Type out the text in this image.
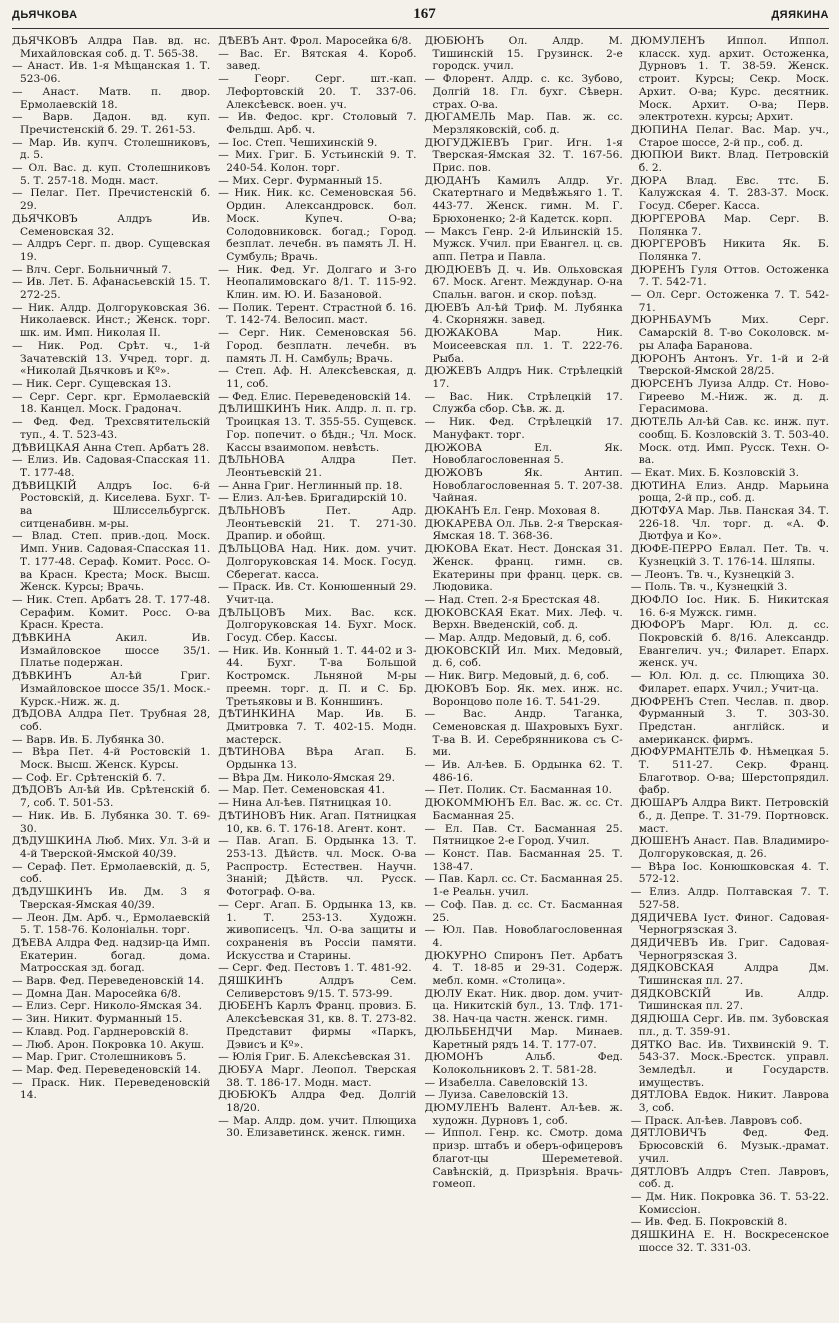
ДЬЯЧКОВА	167	ДЯЯКИНА

ДЬЯЧКОВЪ Алдра Пав. вд. нс. Михайловская соб. д. Т. 565-38.

— Анаст. Ив. 1-я Мѣщанская 1. Т. 523-06.

— Анаст. Матв. п. двор. Ермолаевскій 18.

— Варв. Дадон. вд. куп. Пречистенскій б. 29. Т. 261-53.

— Мар. Ив. купч. Столешниковъ, д. 5.

— Ол. Вас. д. куп. Столешниковъ 5. Т. 257-18. Модн. маст.

— Пелаг. Пет. Пречистенскій б. 29.

ДЬЯЧКОВЪ Алдръ Ив. Семеновская 32.

— Алдръ Серг. п. двор. Сущевская 19.

— Влч. Серг. Больничный 7.

— Ив. Лет. Б. Афанасьевскій 15. Т. 272-25.

— Ник. Алдр. Долгоруковская 36. Николаевск. Инст.; Женск. торг. шк. им. Имп. Николая II.

— Ник. Род. Срѣт. ч., 1-й Зачатевскій 13. Учред. торг. д. «Николай Дьячковъ и Кº».

— Ник. Серг. Сущевская 13.

— Серг. Серг. крг. Ермолаевскій 18. Канцел. Моск. Градонач.

— Фед. Фед. Трехсвятительскій туп., 4. Т. 523-43.

ДѢВИЦКАЯ Анна Степ. Арбатъ 28.

— Елиз. Ив. Садовая-Спасская 11. Т. 177-48.

ДѢВИЦКІЙ Алдръ Іос. 6-й Ростовскій, д. Киселева. Бухг. Т-ва Шлиссельбургск. ситценабивн. м-ры.

— Влад. Степ. прив.-доц. Моск. Имп. Унив. Садовая-Спасская 11. Т. 177-48. Сераф. Комит. Росс. О-ва Красн. Креста; Моск. Высш. Женск. Курсы; Врачь.

— Ник. Степ. Арбатъ 28. Т. 177-48. Серафим. Комит. Росс. О-ва Красн. Креста.

ДѢВКИНА Акил. Ив. Измайловское шоссе 35/1. Платье подержан.

ДѢВКИНЪ Ал-ѣй Григ. Измайловское шоссе 35/1. Моск.-Курск.-Ниж. ж. д.

ДѢДОВА Алдра Пет. Трубная 28, соб.

— Варв. Ив. Б. Лубянка 30.

— Вѣра Пет. 4-й Ростовскій 1. Моск. Высш. Женск. Курсы.

— Соф. Ег. Срѣтенскій б. 7.

ДѢДОВЪ Ал-ѣй Ив. Срѣтенскій б. 7, соб. Т. 501-53.

— Ник. Ив. Б. Лубянка 30. Т. 69-30.

ДѢДУШКИНА Люб. Мих. Ул. 3-й и 4-й Тверской-Ямской 40/39.

— Сераф. Пет. Ермолаевскій, д. 5, соб.

ДѢДУШКИНЪ Ив. Дм. 3 я Тверская-Ямская 40/39.

— Леон. Дм. Арб. ч., Ермолаевскій 5. Т. 158-76. Колоніальн. торг.

ДѢЕВА Алдра Фед. надзир-ца Имп. Екатерин. богад. дома. Матросская зд. богад.

— Варв. Фед. Переведеновскій 14.

— Домна Дан. Маросейка 6/8.

— Елиз. Серг. Николо-Ямская 34.

— Зин. Никит. Фурманный 15.

— Клавд. Род. Гарднеровскій 8.

— Люб. Арон. Покровка 10. Акуш.

— Мар. Григ. Столешниковъ 5.

— Мар. Фед. Переведеновскій 14.

— Праск. Ник. Переведеновскій 14.

ДѢЕВЪ Ант. Фрол. Маросейка 6/8.

— Вас. Ег. Вятская 4. Короб. завед.

— Георг. Серг. шт.-кап. Лефортовскій 20. Т. 337-06. Алексѣевск. воен. уч.

— Ив. Федос. крг. Столовый 7. Фельдш. Арб. ч.

— Іос. Степ. Чешихинскій 9.

— Мих. Григ. Б. Устьинскій 9. Т. 240-54. Колон. торг.

— Мих. Серг. Фурманный 15.

— Ник. Ник. кс. Семеновская 56. Ордин. Александровск. бол. Моск. Купеч. О-ва; Солодовниковск. богад.; Город. безплат. лечебн. въ память Л. Н. Сумбуль; Врачь.

— Ник. Фед. Уг. Долгаго и 3-го Неопалимовскаго 8/1. Т. 115-92. Клин. им. Ю. И. Базановой.

— Полик. Терент. Страстной б. 16. Т. 142-74. Велосип. маст.

— Серг. Ник. Семеновская 56. Город. безплатн. лечебн. въ память Л. Н. Самбуль; Врачь.

— Степ. Аф. Н. Алексѣевская, д. 11, соб.

— Фед. Елис. Переведеновскій 14.

ДѢЛИШКИНЪ Ник. Алдр. л. п. гр. Троицкая 13. Т. 355-55. Сущевск. Гор. попечит. о бѣдн.; Чл. Моск. Кассы взаимопом. невѣсть.

ДѢЛЬНОВА Алдра Пет. Леонтьевскій 21.

— Анна Григ. Неглинный пр. 18.

— Елиз. Ал-ѣев. Бригадирскій 10.

ДѢЛЬНОВЪ Пет. Адр. Леонтьевскій 21. Т. 271-30. Драпир. и обойщ.

ДѢЛЬЦОВА Над. Ник. дом. учит. Долгоруковская 14. Моск. Госуд. Сберегат. касса.

— Праск. Ив. Ст. Конюшенный 29. Учит-ца.

ДѢЛЬЦОВЪ Мих. Вас. кск. Долгоруковская 14. Бухг. Моск. Госуд. Сбер. Кассы.

— Ник. Ив. Конный 1. Т. 44-02 и 3-44. Бухг. Т-ва Большой Костромск. Льняной М-ры преемн. торг. д. П. и С. Бр. Третьяковы и В. Конншинъ.

ДѢТИНКИНА Мар. Ив. Б. Дмитровка 7. Т. 402-15. Модн. мастерск.

ДѢТИНОВА Вѣра Агап. Б. Ордынка 13.

— Вѣра Дм. Николо-Ямская 29.

— Мар. Пет. Семеновская 41.

— Нина Ал-ѣев. Пятницкая 10.

ДѢТИНОВЪ Ник. Агап. Пятницкая 10, кв. 6. Т. 176-18. Агент. конт.

— Пав. Агап. Б. Ордынка 13. Т. 253-13. Дѣйств. чл. Моск. О-ва Распростр. Естествен. Научн. Знаній; Дѣйств. чл. Русск. Фотограф. О-ва.

— Серг. Агап. Б. Ордынка 13, кв. 1. Т. 253-13. Художн. живописецъ. Чл. О-ва защиты и сохраненія въ Россіи памяти. Искусства и Старины.

— Серг. Фед. Пестовъ 1. Т. 481-92.

ДЯШКИНЪ Алдръ Сем. Селиверстовъ 9/15. Т. 573-99.

ДЮБЕНЪ Карлъ Франц. провиз. Б. Алексѣевская 31, кв. 8. Т. 273-82. Представит фирмы «Паркъ, Дэвисъ и Кº».

— Юлія Григ. Б. Алексѣевская 31.

ДЮБУА Марг. Леопол. Тверская 38. Т. 186-17. Модн. маст.

ДЮБЮКЪ Алдра Фед. Долгій 18/20.

— Мар. Алдр. дом. учит. Плющиха 30. Елизаветинск. женск. гимн.

ДЮБЮНЪ Ол. Алдр. М. Тишинскій 15. Грузинск. 2-е городск. учил.

— Флорент. Алдр. с. кс. Зубово, Долгій 18. Гл. бухг. Сѣверн. страх. О-ва.

ДЮГАМЕЛЬ Мар. Пав. ж. сс. Мерзляковскій, соб. д.

ДЮГУДЖІЕВЪ Григ. Игн. 1-я Тверская-Ямская 32. Т. 167-56. Прис. пов.

ДЮДАНЪ Камилъ Алдр. Уг. Скатертнаго и Медвѣжьяго 1. Т. 443-77. Женск. гимн. М. Г. Брюхоненко; 2-й Кадетск. корп.

— Максъ Генр. 2-й Ильинскій 15. Мужск. Учил. при Евангел. ц. св. апп. Петра и Павла.

ДЮДЮЕВЪ Д. ч. Ив. Ольховская 67. Моск. Агент. Междунар. О-на Спальн. вагон. и скор. поѣзд.

ДЮЕВЪ Ал-ѣй Триф. М. Лубянка 4. Скорняжн. завед.

ДЮЖАКОВА Мар. Ник. Моисеевская пл. 1. Т. 222-76. Рыба.

ДЮЖЕВЪ Алдръ Ник. Стрѣлецкій 17.

— Вас. Ник. Стрѣлецкій 17. Служба сбор. Сѣв. ж. д.

— Ник. Фед. Стрѣлецкій 17. Мануфакт. торг.

ДЮЖОВА Ел. Як. Новоблагословенная 5.

ДЮЖОВЪ Як. Антип. Новоблагословенная 5. Т. 207-38. Чайная.

ДЮКАНЪ Ел. Генр. Моховая 8.

ДЮКАРЕВА Ол. Льв. 2-я Тверская-Ямская 18. Т. 368-36.

ДЮКОВА Екат. Нест. Донская 31. Женск. франц. гимн. св. Екатерины при франц. церк. св. Людовика.

— Над. Степ. 2-я Брестская 48.

ДЮКОВСКАЯ Екат. Мих. Леф. ч. Верхн. Введенскій, соб. д.

— Мар. Алдр. Медовый, д. 6, соб.

ДЮКОВСКІЙ Ил. Мих. Медовый, д. 6, соб.

— Ник. Вигр. Медовый, д. 6, соб.

ДЮКОВЪ Бор. Як. мех. инж. нс. Воронцово поле 16. Т. 541-29.

— Вас. Андр. Таганка, Семеновская д. Шахровыхъ Бухг. Т-ва В. И. Серебрянникова съ С-ми.

— Ив. Ал-ѣев. Б. Ордынка 62. Т. 486-16.

— Пет. Полик. Ст. Басманная 10.

ДЮКОММЮНЪ Ел. Вас. ж. сс. Ст. Басманная 25.

— Ел. Пав. Ст. Басманная 25. Пятницкое 2-е Город. Учил.

— Конст. Пав. Басманная 25. Т. 138-47.

— Пав. Карл. сс. Ст. Басманная 25. 1-е Реальн. учил.

— Соф. Пав. д. сс. Ст. Басманная 25.

— Юл. Пав. Новоблагословенная 4.

ДЮКУРНО Спиронъ Пет. Арбатъ 4. Т. 18-85 и 29-31. Содерж. мебл. комн. «Столица».

ДЮЛУ Екат. Ник. двор. дом. учит-ца. Никитскій бул., 13. Тлф. 171-38. Нач-ца частн. женск. гимн.

ДЮЛЬБЕНДЧИ Мар. Минаев. Каретный рядъ 14. Т. 177-07.

ДЮМОНЪ Альб. Фед. Колокольниковъ 2. Т. 581-28.

— Изабелла. Савеловскій 13.

— Луиза. Савеловскій 13.

ДЮМУЛЕНЪ Валент. Ал-ѣев. ж. художн. Дурновъ 1, соб.

— Иппол. Генр. кс. Смотр. дома призр. штабъ и оберъ-офицеровъ благот-цы Шереметевой. Савѣнскій, д. Призрѣнія. Врачь-гомеоп.

ДЮМУЛЕНЪ Иппол. Иппол. класск. худ. архит. Остоженка, Дурновъ 1. Т. 38-59. Женск. строит. Курсы; Секр. Моск. Архит. О-ва; Курс. десятник. Моск. Архит. О-ва; Перв. электротехн. курсы; Архит.

ДЮПИНА Пелаг. Вас. Мар. уч., Старое шоссе, 2-й пр., соб. д.

ДЮПЮИ Викт. Влад. Петровскій б. 2.

ДЮРА Влад. Евс. ттс. Б. Калужская 4. Т. 283-37. Моск. Госуд. Сберег. Касса.

ДЮРГЕРОВА Мар. Серг. В. Полянка 7.

ДЮРГЕРОВЪ Никита Як. Б. Полянка 7.

ДЮРЕНЪ Гуля Оттов. Остоженка 7. Т. 542-71.

— Ол. Серг. Остоженка 7. Т. 542-71.

ДЮРНБАУМЪ Мих. Серг. Самарскій 8. Т-во Соколовск. м-ры Алафа Барановa.

ДЮРОНЪ Антонъ. Уг. 1-й и 2-й Тверской-Ямской 28/25.

ДЮРСЕНЪ Луиза Алдр. Ст. Ново-Гиреево М.-Ниж. ж. д. д. Герасимова.

ДЮТЕЛЬ Ал-ѣй Сав. кс. инж. пут. сообщ. Б. Козловскій 3. Т. 503-40. Моск. отд. Имп. Русск. Техн. О-ва.

— Екат. Мих. Б. Козловскій 3.

ДЮТИНА Елиз. Андр. Марьина роща, 2-й пр., соб. д.

ДЮТФУА Мар. Льв. Панская 34. Т. 226-18. Чл. торг. д. «А. Ф. Дютфуа и Ко».

ДЮФЕ-ПЕРРО Евлал. Пет. Тв. ч. Кузнецкій 3. Т. 176-14. Шляпы.

— Леонъ. Тв. ч., Кузнецкій 3.

— Поль. Тв. ч., Кузнецкій 3.

ДЮФЛО Іос. Ник. Б. Никитская 16. 6-я Мужск. гимн.

ДЮФОРЪ Марг. Юл. д. сс. Покровскій б. 8/16. Александр. Евангелич. уч.; Филарет. Епарх. женск. уч.

— Юл. Юл. д. сс. Плющиха 30. Филарет. епарх. Учил.; Учит-ца.

ДЮФРЕНЪ Степ. Чеслав. п. двор. Фурманный 3. Т. 303-30. Предстан. англійск. и американск. фирмъ.

ДЮФУРМАНТЕЛЬ Ф. Нѣмецкая 5. Т. 511-27. Секр. Франц. Благотвор. О-ва; Шерстопрядил. фабр.

ДЮШАРЪ Алдра Викт. Петровскій б., д. Депре. Т. 31-79. Портновск. маст.

ДЮШЕНЪ Анаст. Пав. Владимиро-Долгоруковская, д. 26.

— Вѣра Іос. Конюшковская 4. Т. 572-12.

— Елиз. Алдр. Полтавская 7. Т. 527-58.

ДЯДИЧЕВА Іуст. Финог. Садовая-Черногрязская 3.

ДЯДИЧЕВЪ Ив. Григ. Садовая-Черногрязская 3.

ДЯДКОВСКАЯ Алдра Дм. Тишинская пл. 27.

ДЯДКОВСКІЙ Ив. Алдр. Тишинская пл. 27.

ДЯДЮША Серг. Ив. пм. Зубовская пл., д. Т. 359-91.

ДЯТКО Вас. Ив. Тихвинскій 9. Т. 543-37. Моск.-Брестск. управл. Земледѣл. и Государств. имуществъ.

ДЯТЛОВА Евдок. Никит. Лаврова 3, соб.

— Праск. Ал-ѣев. Лавровъ соб.

ДЯТЛОВИЧЪ Фед. Фед. Брюсовскій 6. Музык.-драмат. учил.

ДЯТЛОВЪ Алдръ Степ. Лавровъ, соб. д.

— Дм. Ник. Покровка 36. Т. 53-22. Комиссіон.

— Ив. Фед. Б. Покровскій 8.

ДЯШКИНА Е. Н. Воскресенское шоссе 32. Т. 331-03.
